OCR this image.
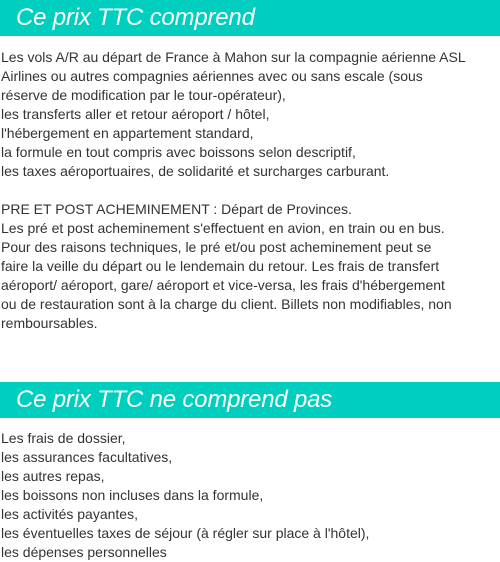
Ce prix TTC comprend
Les vols A/R au départ de France à Mahon sur la compagnie aérienne ASL
Airlines ou autres compagnies aériennes avec ou sans escale (sous
réserve de modification par le tour-opérateur),
les transferts aller et retour aéroport / hôtel,
l'hébergement en appartement standard,
la formule en tout compris avec boissons selon descriptif,
les taxes aéroportuaires, de solidarité et surcharges carburant.
PRE ET POST ACHEMINEMENT : Départ de Provinces.
Les pré et post acheminement s'effectuent en avion, en train ou en bus.
Pour des raisons techniques, le pré et/ou post acheminement peut se
faire la veille du départ ou le lendemain du retour. Les frais de transfert
aéroport/ aéroport, gare/ aéroport et vice-versa, les frais d'hébergement
ou de restauration sont à la charge du client. Billets non modifiables, non
remboursables.
Ce prix TTC ne comprend pas
Les frais de dossier,
les assurances facultatives,
les autres repas,
les boissons non incluses dans la formule,
les activités payantes,
les éventuelles taxes de séjour (à régler sur place à l'hôtel),
les dépenses personnelles
